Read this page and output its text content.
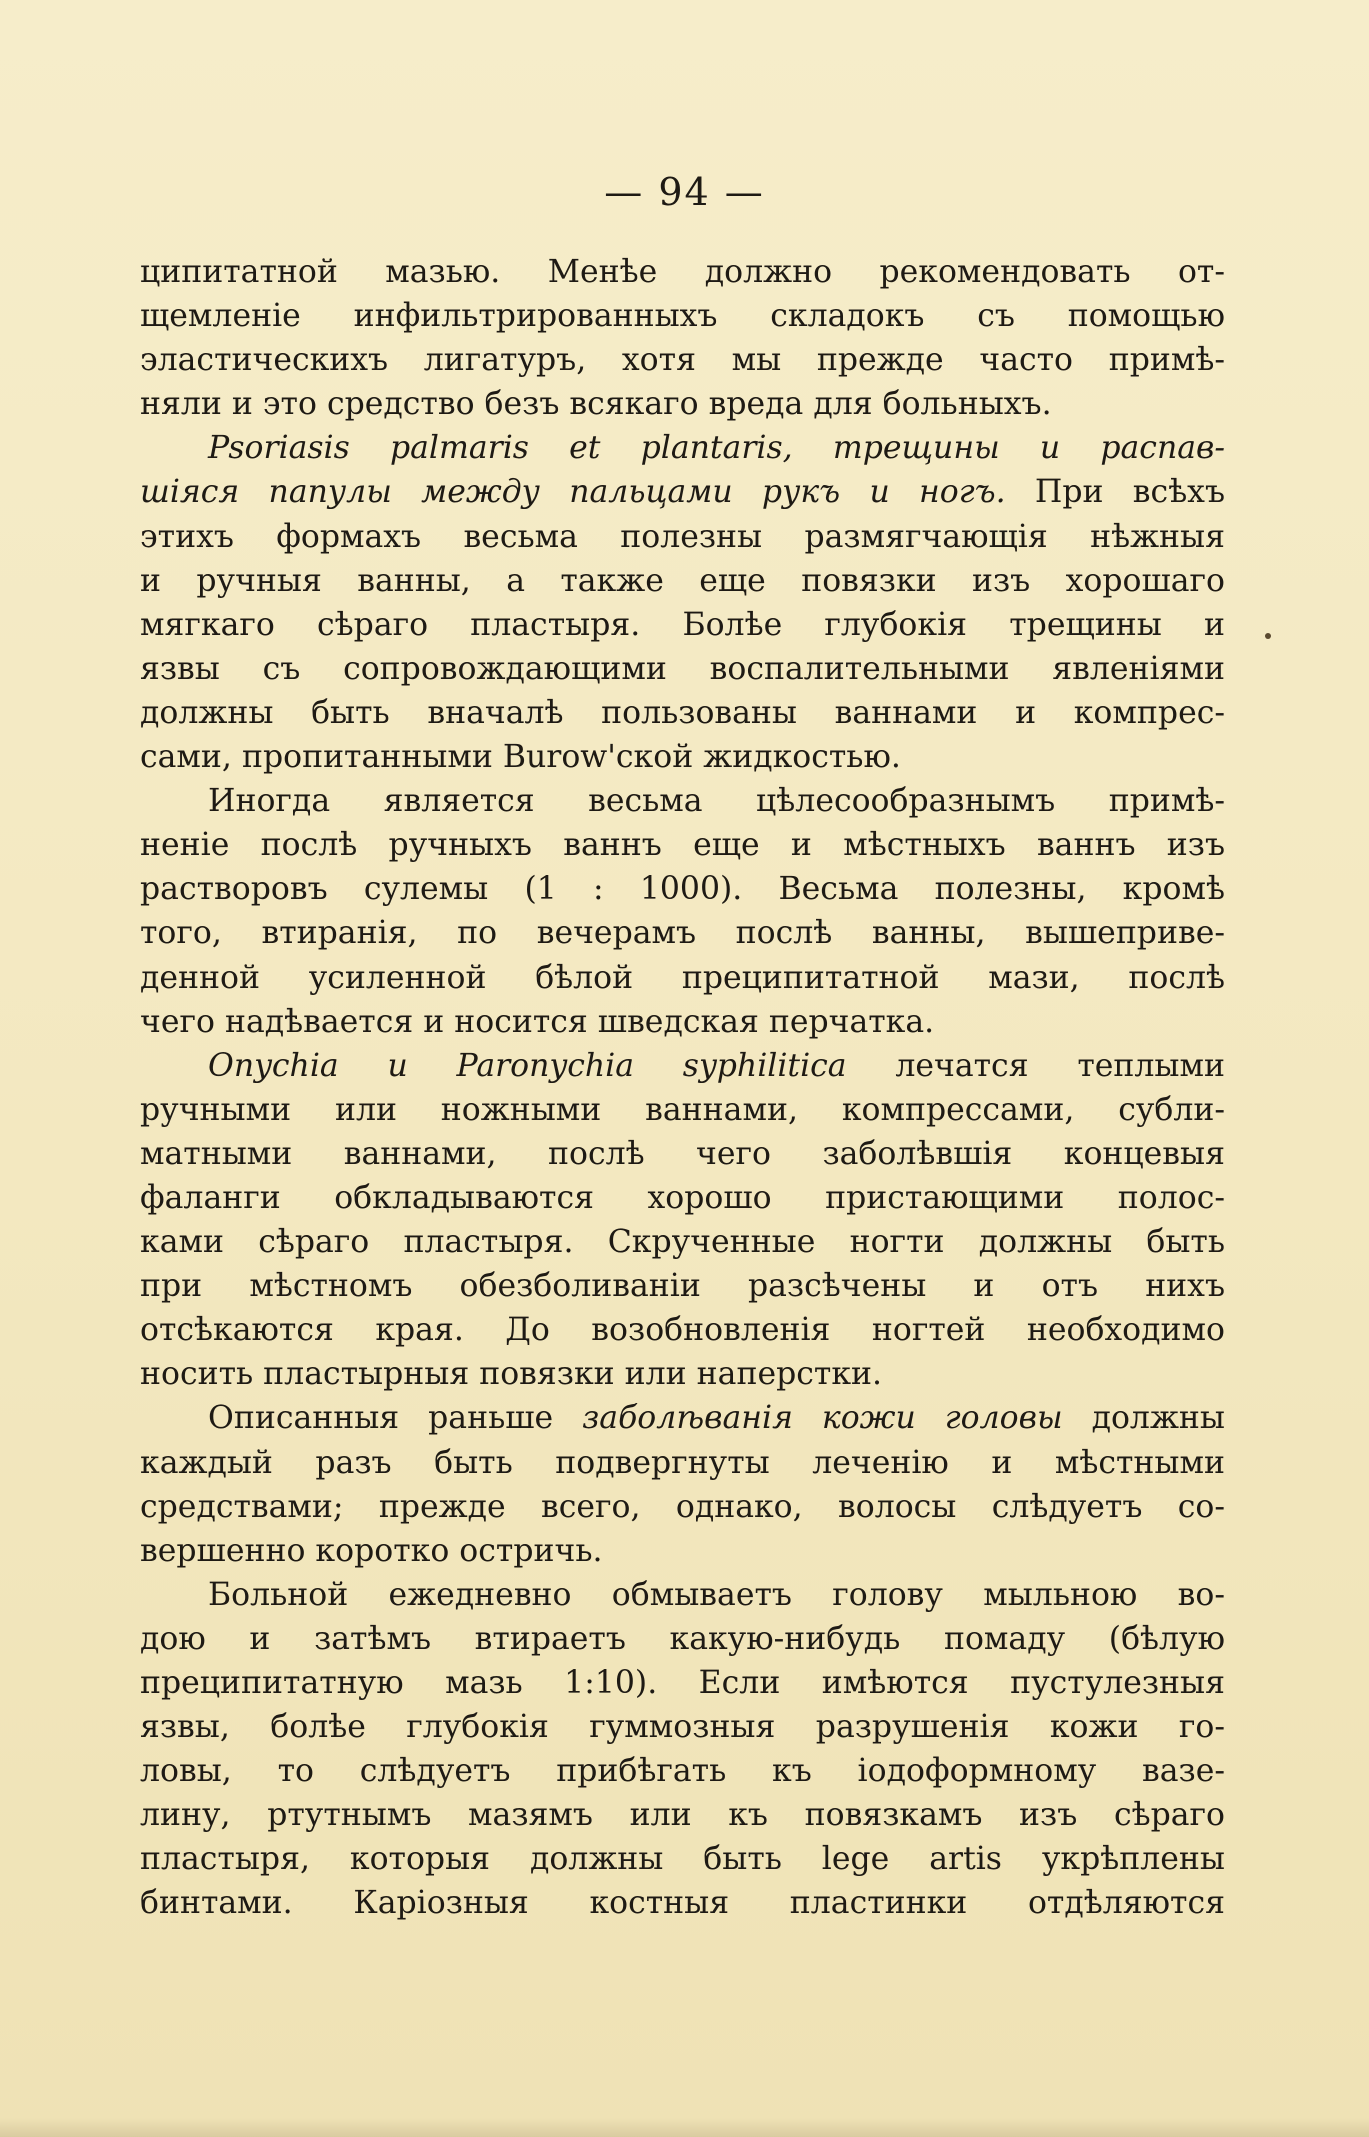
— 94 —
ципитатной мазью. Менѣе должно рекомендовать от-
щемленіе инфильтрированныхъ складокъ съ помощью
эластическихъ лигатуръ, хотя мы прежде часто примѣ-
няли и это средство безъ всякаго вреда для больныхъ.
Psoriasis palmaris et plantaris, трещины и распав-
шіяся папулы между пальцами рукъ и ногъ. При всѣхъ
этихъ формахъ весьма полезны размягчающія нѣжныя
и ручныя ванны, а также еще повязки изъ хорошаго
мягкаго сѣраго пластыря. Болѣе глубокія трещины и
язвы съ сопровождающими воспалительными явленіями
должны быть вначалѣ пользованы ваннами и компрес-
сами, пропитанными Burow'ской жидкостью.
Иногда является весьма цѣлесообразнымъ примѣ-
неніе послѣ ручныхъ ваннъ еще и мѣстныхъ ваннъ изъ
растворовъ сулемы (1 : 1000). Весьма полезны, кромѣ
того, втиранія, по вечерамъ послѣ ванны, вышеприве-
денной усиленной бѣлой преципитатной мази, послѣ
чего надѣвается и носится шведская перчатка.
Onychia и Paronychia syphilitica лечатся теплыми
ручными или ножными ваннами, компрессами, субли-
матными ваннами, послѣ чего заболѣвшія концевыя
фаланги обкладываются хорошо пристающими полос-
ками сѣраго пластыря. Скрученные ногти должны быть
при мѣстномъ обезболиваніи разсѣчены и отъ нихъ
отсѣкаются края. До возобновленія ногтей необходимо
носить пластырныя повязки или наперстки.
Описанныя раньше заболѣванія кожи головы должны
каждый разъ быть подвергнуты леченію и мѣстными
средствами; прежде всего, однако, волосы слѣдуетъ со-
вершенно коротко остричь.
Больной ежедневно обмываетъ голову мыльною во-
дою и затѣмъ втираетъ какую-нибудь помаду (бѣлую
преципитатную мазь 1:10). Если имѣются пустулезныя
язвы, болѣе глубокія гуммозныя разрушенія кожи го-
ловы, то слѣдуетъ прибѣгать къ іодоформному вазе-
лину, ртутнымъ мазямъ или къ повязкамъ изъ сѣраго
пластыря, которыя должны быть lege artis укрѣплены
бинтами. Каріозныя костныя пластинки отдѣляются
